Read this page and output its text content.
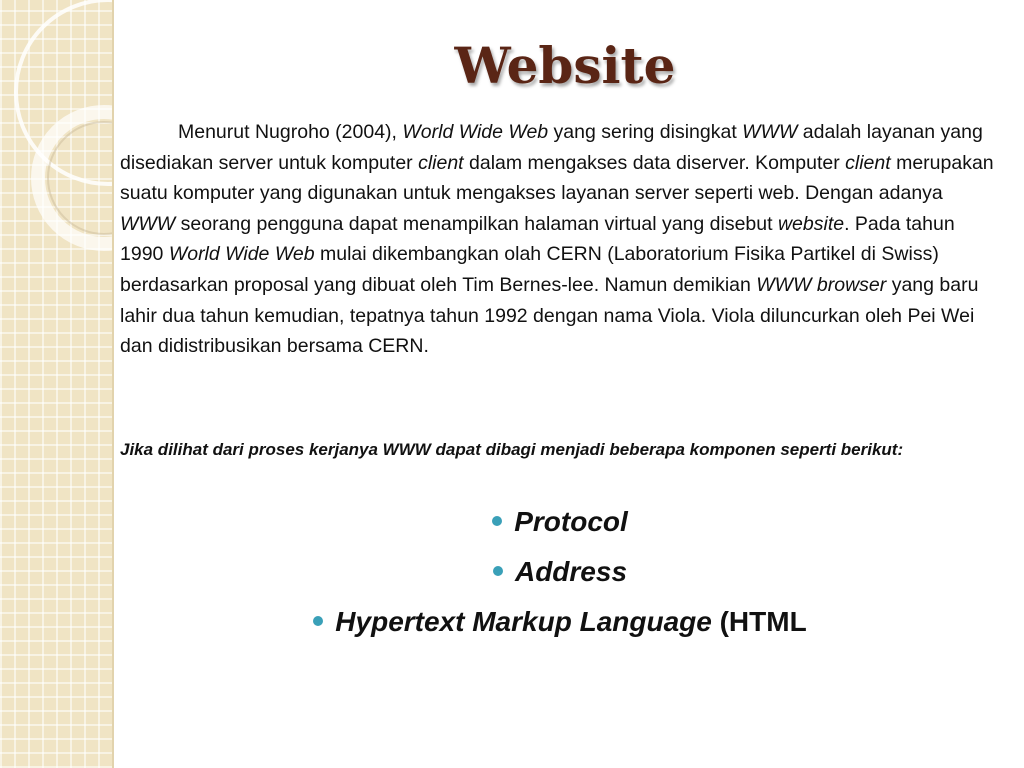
Website

Menurut Nugroho (2004), World Wide Web yang sering disingkat WWW adalah layanan yang disediakan server untuk komputer client dalam mengakses data diserver. Komputer client merupakan suatu komputer yang digunakan untuk mengakses layanan server seperti web. Dengan adanya WWW seorang pengguna dapat menampilkan halaman virtual yang disebut website. Pada tahun 1990 World Wide Web mulai dikembangkan olah CERN (Laboratorium Fisika Partikel di Swiss) berdasarkan proposal yang dibuat oleh Tim Bernes-lee. Namun demikian WWW browser yang baru lahir dua tahun kemudian, tepatnya tahun 1992 dengan nama Viola. Viola diluncurkan oleh Pei Wei dan didistribusikan bersama CERN.

Jika dilihat dari proses kerjanya WWW dapat dibagi menjadi beberapa komponen seperti berikut:

Protocol
Address
Hypertext Markup Language (HTML
